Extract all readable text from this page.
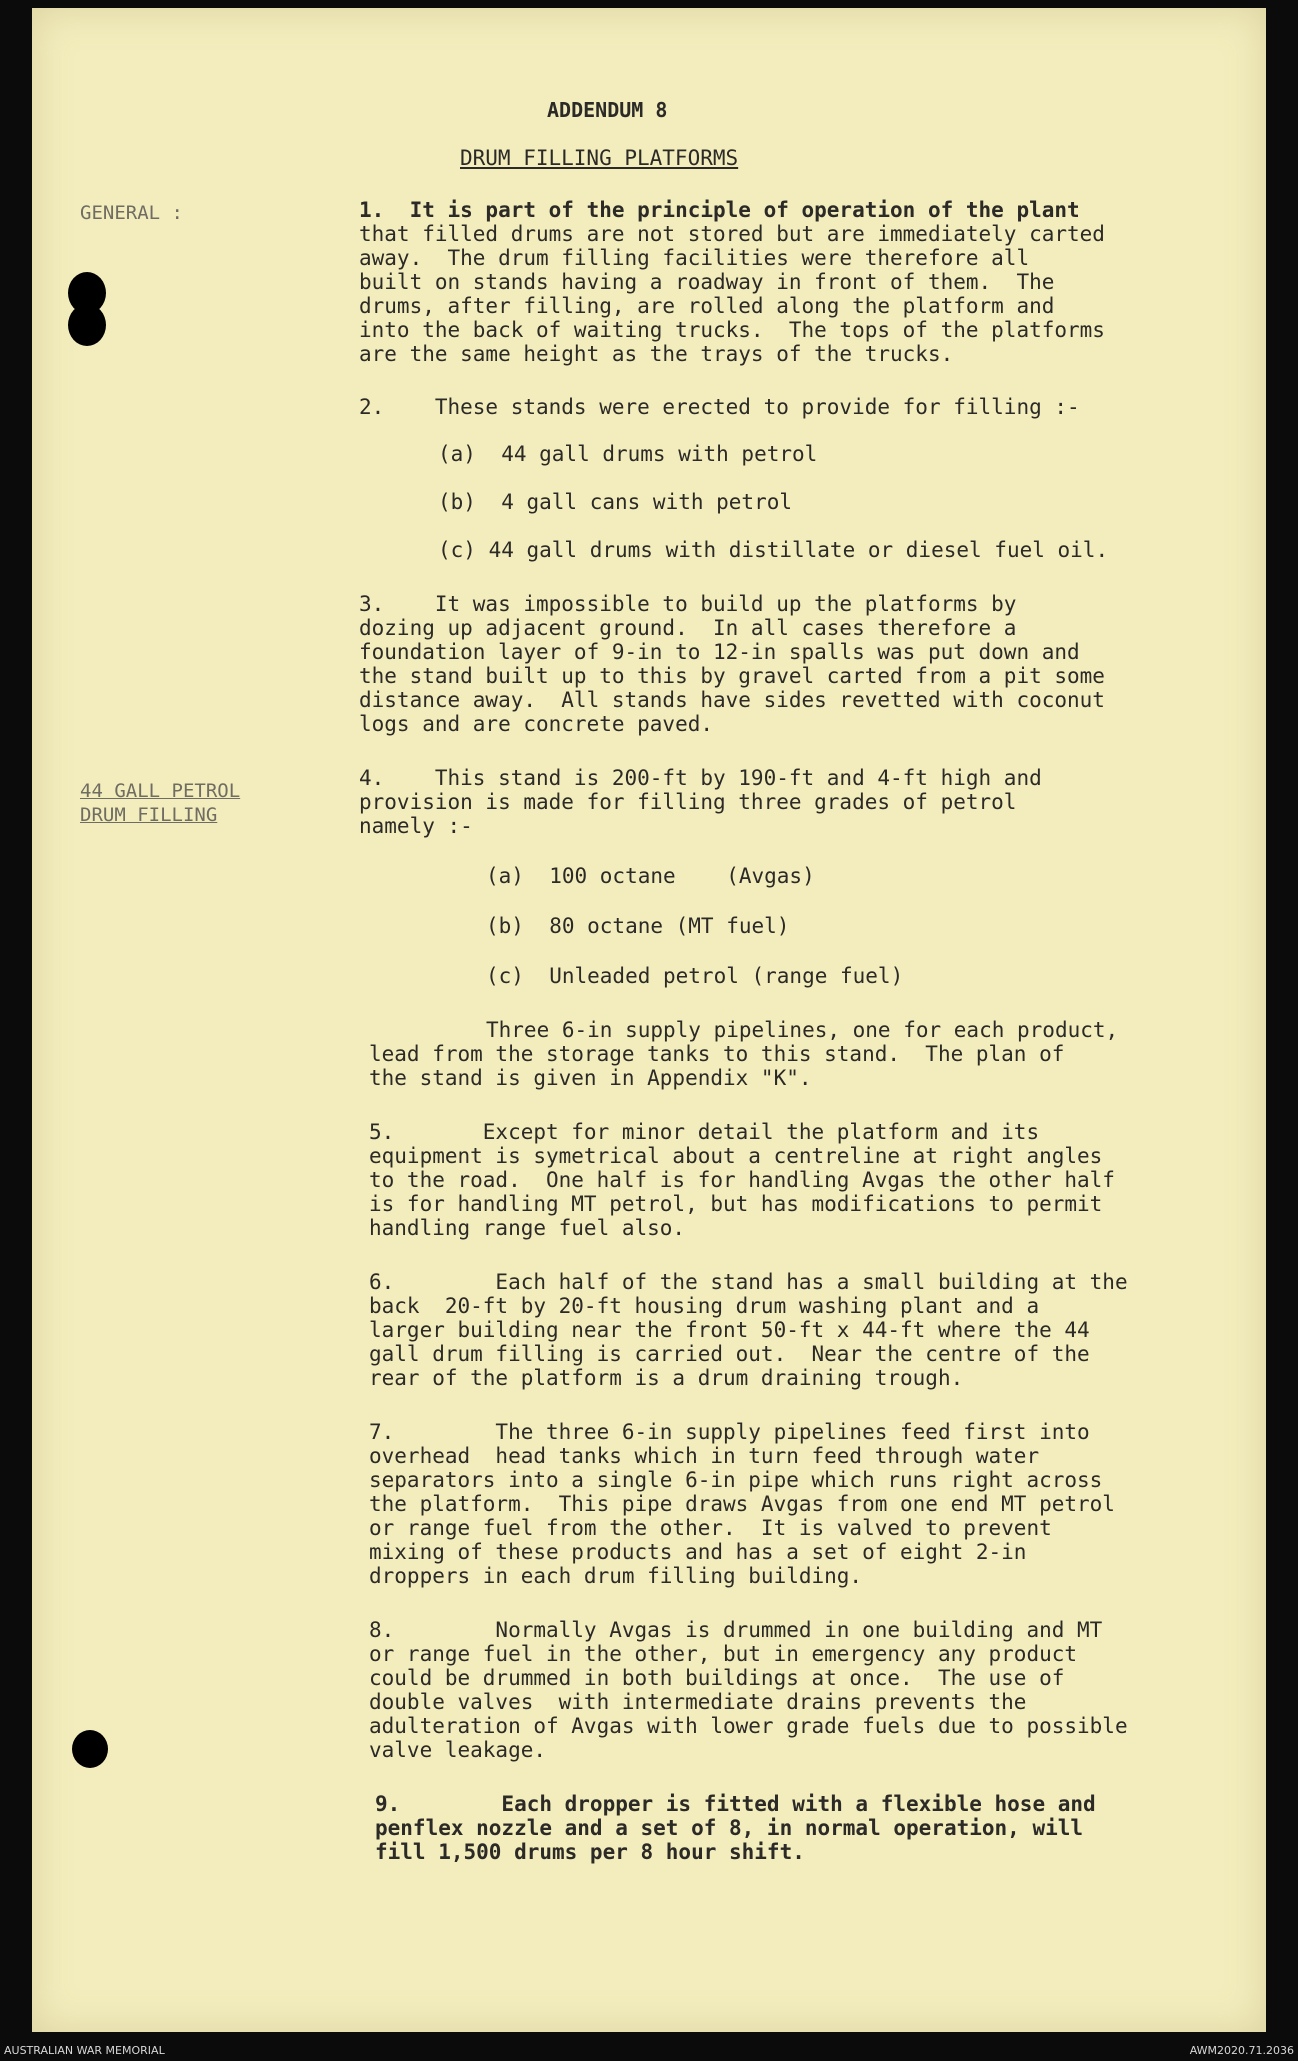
ADDENDUM 8

DRUM FILLING PLATFORMS

GENERAL :

44 GALL PETROL

DRUM FILLING

1.  It is part of the principle of operation of the plant

that filled drums are not stored but are immediately carted

away.  The drum filling facilities were therefore all

built on stands having a roadway in front of them.  The

drums, after filling, are rolled along the platform and

into the back of waiting trucks.  The tops of the platforms

are the same height as the trays of the trucks.

2.    These stands were erected to provide for filling :-

(a)  44 gall drums with petrol

(b)  4 gall cans with petrol

(c) 44 gall drums with distillate or diesel fuel oil.

3.    It was impossible to build up the platforms by

dozing up adjacent ground.  In all cases therefore a

foundation layer of 9-in to 12-in spalls was put down and

the stand built up to this by gravel carted from a pit some

distance away.  All stands have sides revetted with coconut

logs and are concrete paved.

4.    This stand is 200-ft by 190-ft and 4-ft high and

provision is made for filling three grades of petrol

namely :-

(a)  100 octane    (Avgas)

(b)  80 octane (MT fuel)

(c)  Unleaded petrol (range fuel)

Three 6-in supply pipelines, one for each product,

lead from the storage tanks to this stand.  The plan of

the stand is given in Appendix "K".

5.       Except for minor detail the platform and its

equipment is symetrical about a centreline at right angles

to the road.  One half is for handling Avgas the other half

is for handling MT petrol, but has modifications to permit

handling range fuel also.

6.        Each half of the stand has a small building at the

back  20-ft by 20-ft housing drum washing plant and a

larger building near the front 50-ft x 44-ft where the 44

gall drum filling is carried out.  Near the centre of the

rear of the platform is a drum draining trough.

7.        The three 6-in supply pipelines feed first into

overhead  head tanks which in turn feed through water

separators into a single 6-in pipe which runs right across

the platform.  This pipe draws Avgas from one end MT petrol

or range fuel from the other.  It is valved to prevent

mixing of these products and has a set of eight 2-in

droppers in each drum filling building.

8.        Normally Avgas is drummed in one building and MT

or range fuel in the other, but in emergency any product

could be drummed in both buildings at once.  The use of

double valves  with intermediate drains prevents the

adulteration of Avgas with lower grade fuels due to possible

valve leakage.

9.        Each dropper is fitted with a flexible hose and

penflex nozzle and a set of 8, in normal operation, will

fill 1,500 drums per 8 hour shift.

AUSTRALIAN WAR MEMORIAL	AWM2020.71.2036
